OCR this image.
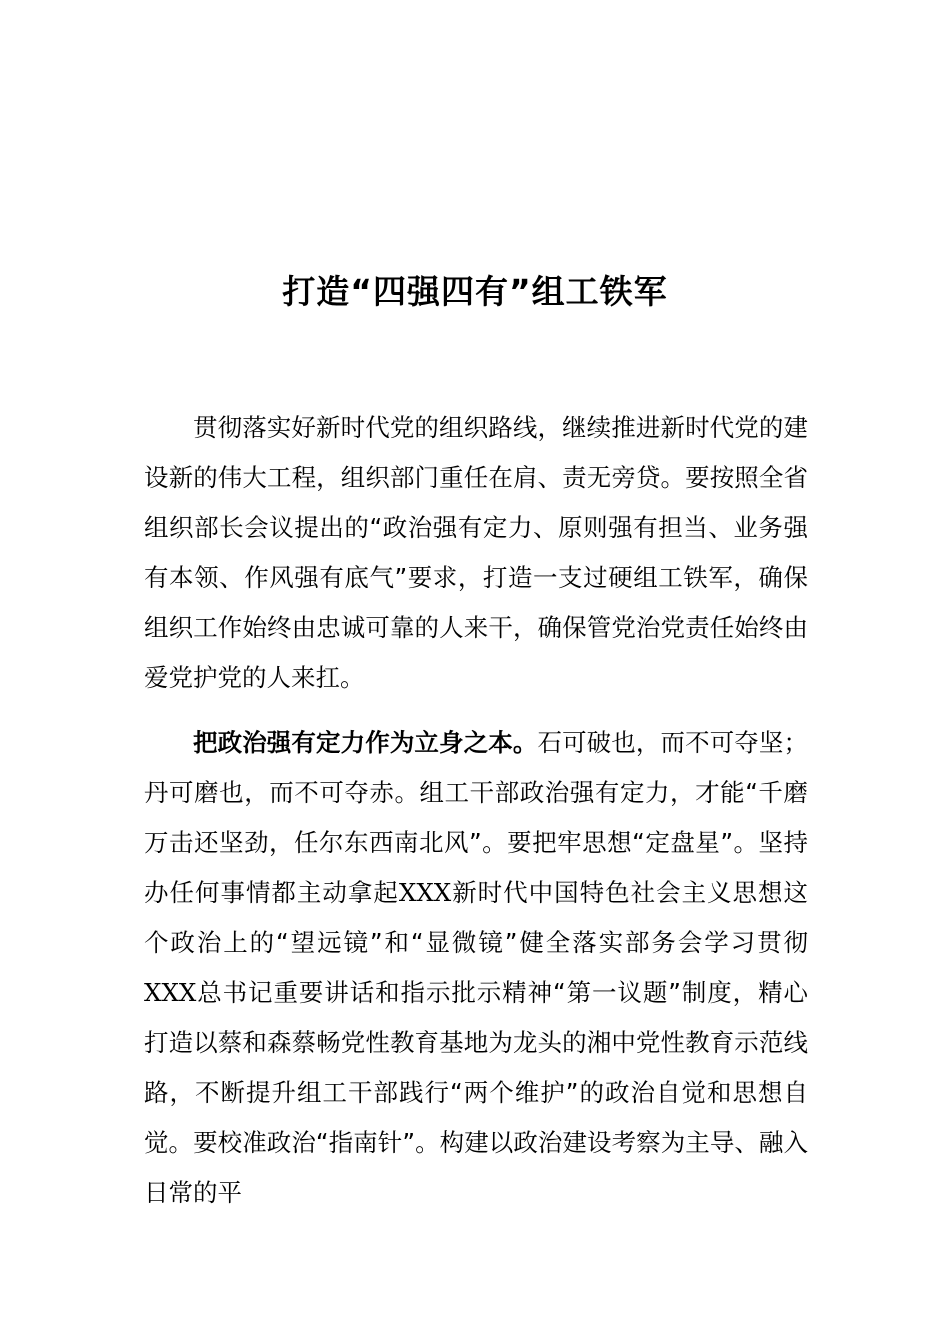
打造“四强四有”组工铁军

贯彻落实好新时代党的组织路线，继续推进新时代党的建设新的伟大工程，组织部门重任在肩、责无旁贷。要按照全省组织部长会议提出的“政治强有定力、原则强有担当、业务强有本领、作风强有底气”要求，打造一支过硬组工铁军，确保组织工作始终由忠诚可靠的人来干，确保管党治党责任始终由爱党护党的人来扛。

把政治强有定力作为立身之本。石可破也，而不可夺坚；丹可磨也，而不可夺赤。组工干部政治强有定力，才能“千磨万击还坚劲，任尔东西南北风”。要把牢思想“定盘星”。坚持办任何事情都主动拿起XXX新时代中国特色社会主义思想这个政治上的“望远镜”和“显微镜”健全落实部务会学习贯彻XXX总书记重要讲话和指示批示精神“第一议题”制度，精心打造以蔡和森蔡畅党性教育基地为龙头的湘中党性教育示范线路，不断提升组工干部践行“两个维护”的政治自觉和思想自觉。要校准政治“指南针”。构建以政治建设考察为主导、融入日常的平
